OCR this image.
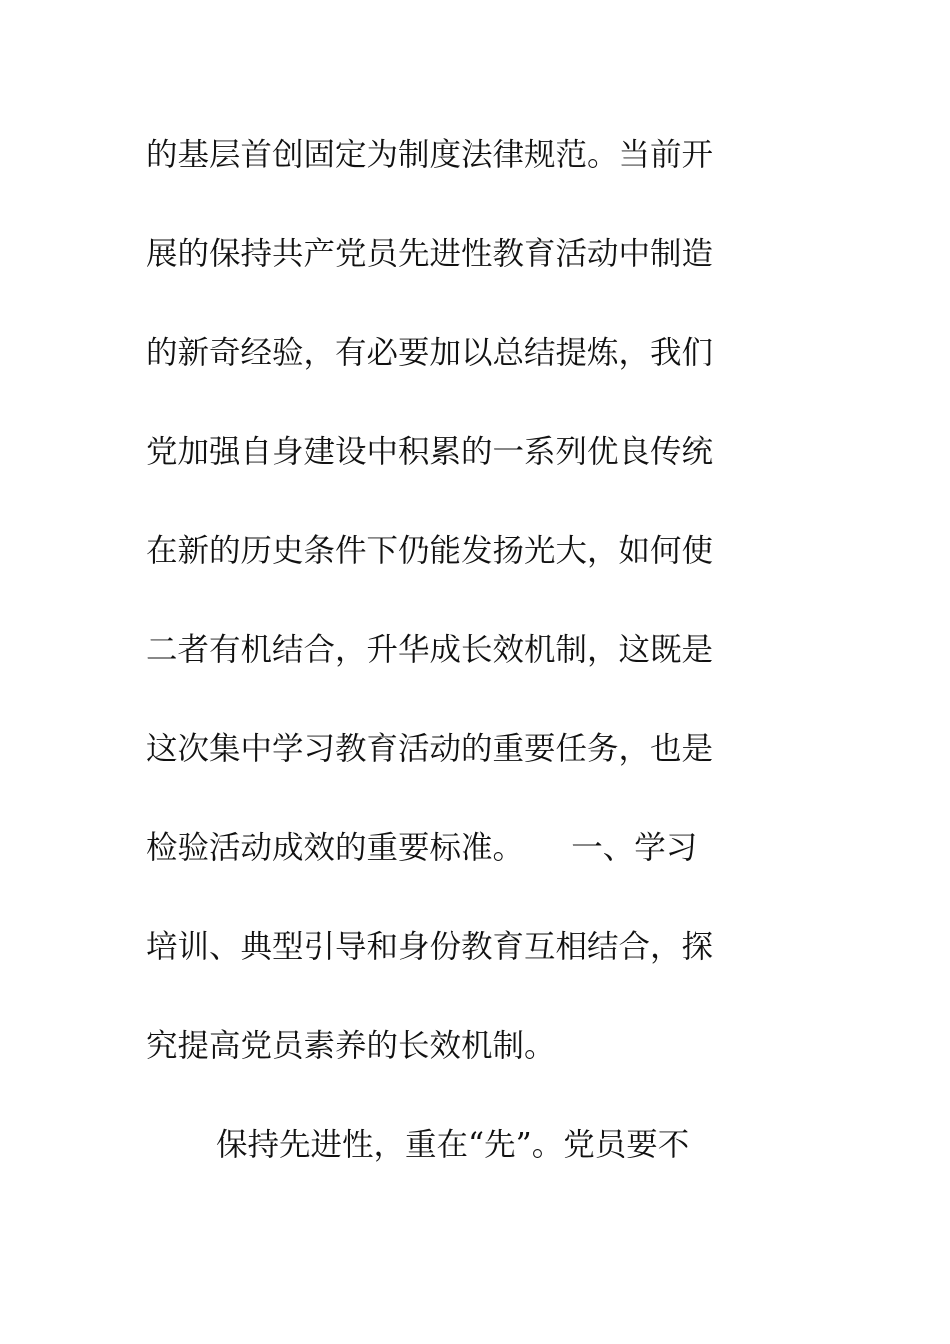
的基层首创固定为制度法律规范。当前开
展的保持共产党员先进性教育活动中制造
的新奇经验，有必要加以总结提炼，我们
党加强自身建设中积累的一系列优良传统
在新的历史条件下仍能发扬光大，如何使
二者有机结合，升华成长效机制，这既是
这次集中学习教育活动的重要任务，也是
检验活动成效的重要标准。　　一、学习
培训、典型引导和身份教育互相结合，探
究提高党员素养的长效机制。
保持先进性，重在“先”。党员要不
